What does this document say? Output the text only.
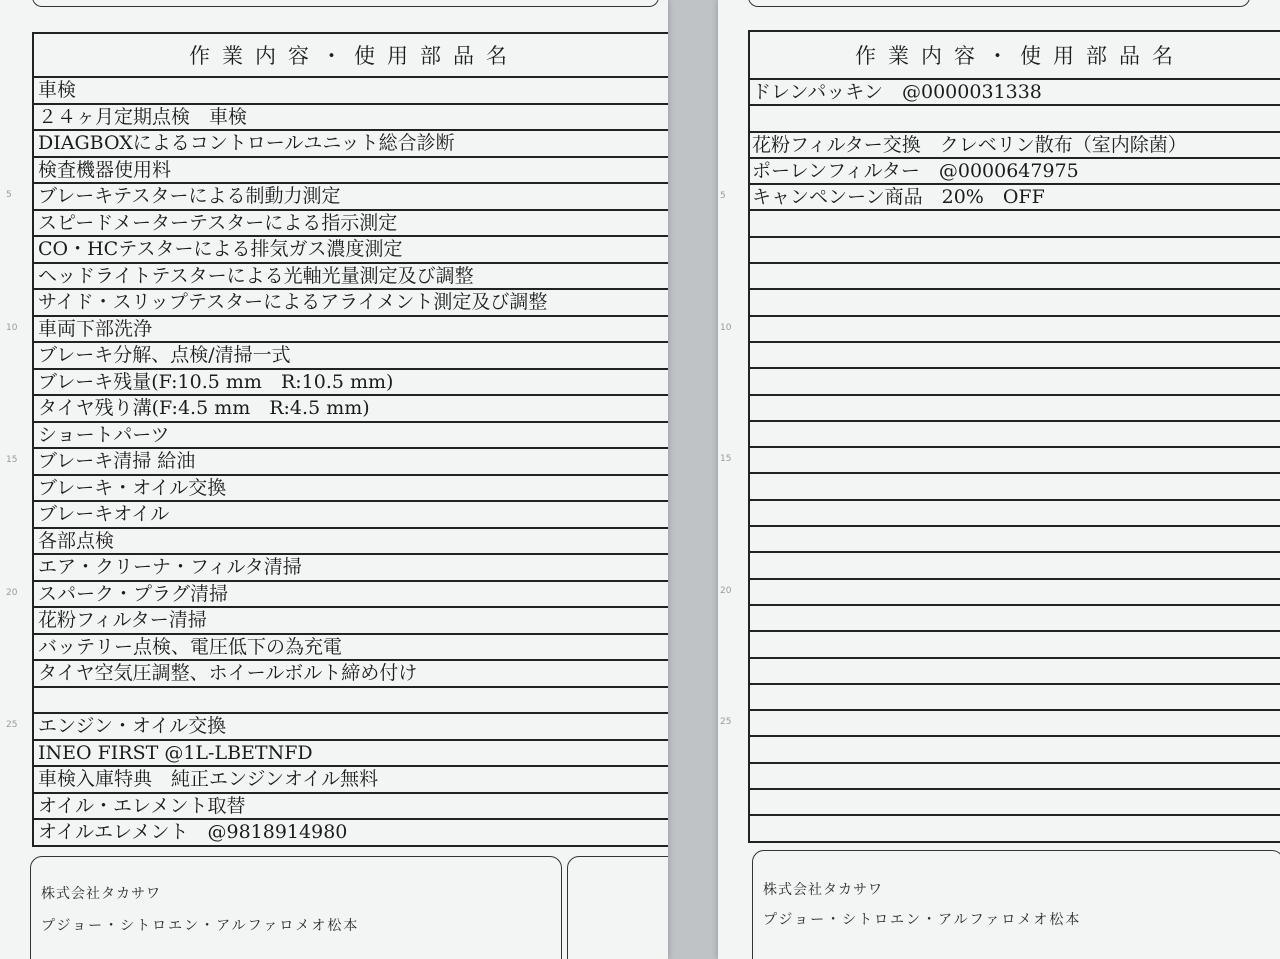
5
10
15
20
25
作業内容・使用部品名
車検
２４ヶ月定期点検　車検
DIAGBOXによるコントロールユニット総合診断
検査機器使用料
ブレーキテスターによる制動力測定
スピードメーターテスターによる指示測定
CO・HCテスターによる排気ガス濃度測定
ヘッドライトテスターによる光軸光量測定及び調整
サイド・スリップテスターによるアライメント測定及び調整
車両下部洗浄
ブレーキ分解、点検/清掃一式
ブレーキ残量(F:10.5 mm　R:10.5 mm)
タイヤ残り溝(F:4.5 mm　R:4.5 mm)
ショートパーツ
ブレーキ清掃 給油
ブレーキ・オイル交換
ブレーキオイル
各部点検
エア・クリーナ・フィルタ清掃
スパーク・プラグ清掃
花粉フィルター清掃
バッテリー点検、電圧低下の為充電
タイヤ空気圧調整、ホイールボルト締め付け
エンジン・オイル交換
INEO FIRST @1L-LBETNFD
車検入庫特典　純正エンジンオイル無料
オイル・エレメント取替
オイルエレメント　@9818914980
株式会社タカサワ
プジョー・シトロエン・アルファロメオ松本
5
10
15
20
25
作業内容・使用部品名
ドレンパッキン　@0000031338
花粉フィルター交換　クレベリン散布（室内除菌）
ポーレンフィルター　@0000647975
キャンペンーン商品　20%　OFF
株式会社タカサワ
プジョー・シトロエン・アルファロメオ松本
